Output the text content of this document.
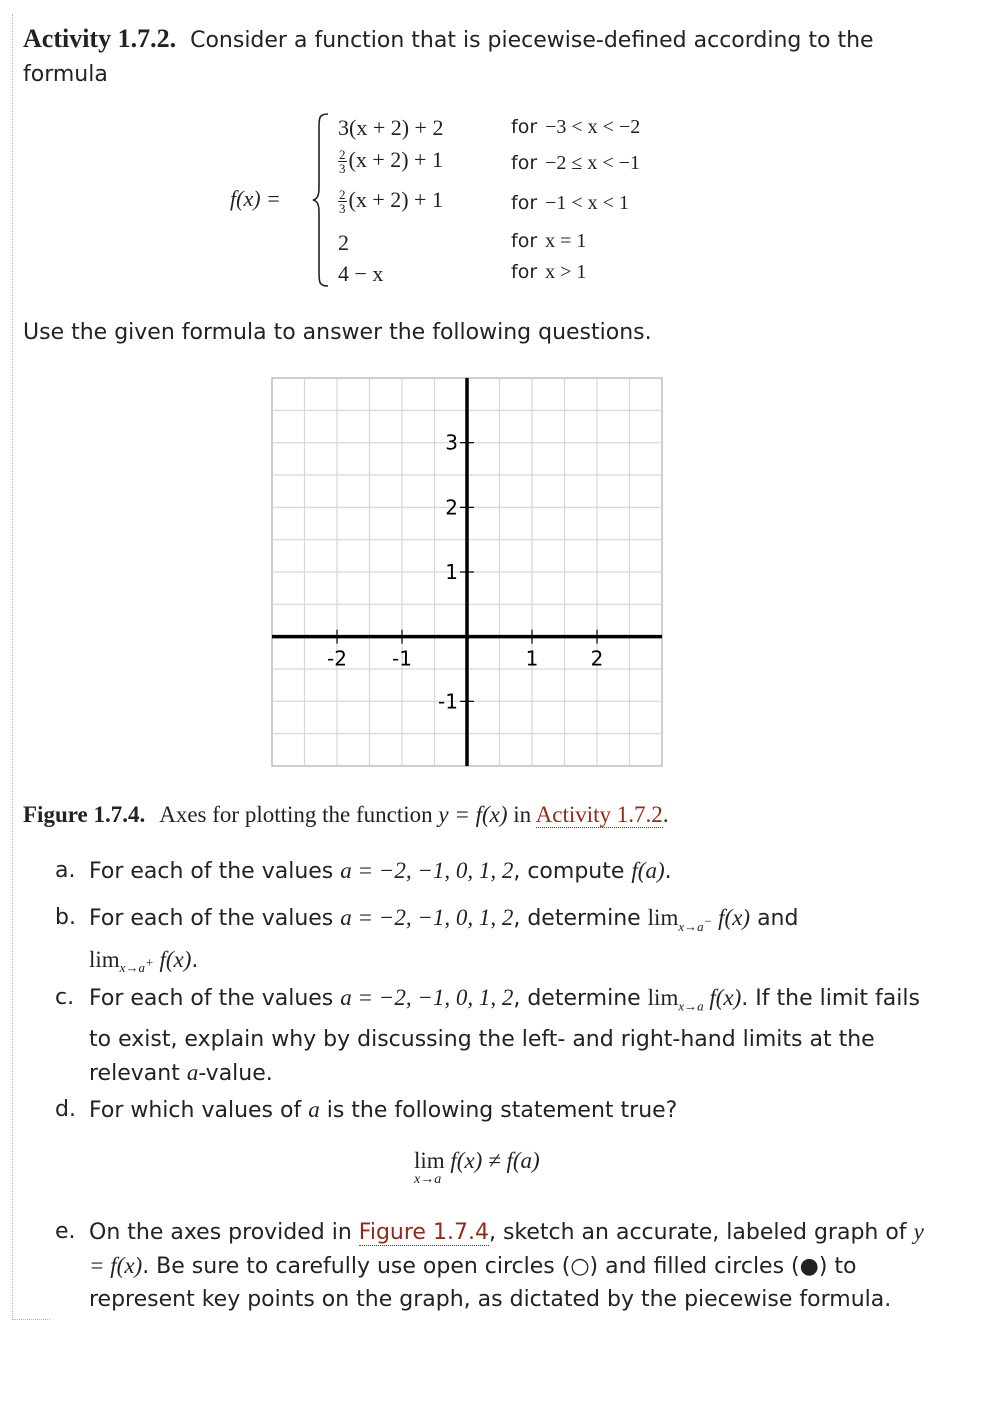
Activity 1.7.2. Consider a function that is piecewise-defined according to the formula
f(x) =
3(x + 2) + 2	for −3 < x < −2
$\frac{2}{3} (x + 2) + 1$	for −2 ≤ x < −1
$\frac{2}{3} (x + 2) + 1$	for −1 < x < 1
2	for x = 1
4 − x	for x > 1
Use the given formula to answer the following questions.
-2 -1	1	2
3
2
1
-1
Figure 1.7.4. Axes for plotting the function y = f(x) in Activity 1.7.2.
a. For each of the values a = −2, −1, 0, 1, 2, compute f(a).
b. For each of the values a = −2, −1, 0, 1, 2, determine $\lim_{x\to a^-} f(x)$ and
$\lim_{x\to a^+} f(x)$.
c. For each of the values a = −2, −1, 0, 1, 2, determine $\lim_{x\to a} f(x)$. If the limit fails to exist, explain why by discussing the left- and right-hand limits at the relevant a-value.
d. For which values of a is the following statement true?
lim
x→a
f(x) ≠ f(a)
e. On the axes provided in Figure 1.7.4, sketch an accurate, labeled graph of y = f(x). Be sure to carefully use open circles (○) and filled circles (●) to represent key points on the graph, as dictated by the piecewise formula.
